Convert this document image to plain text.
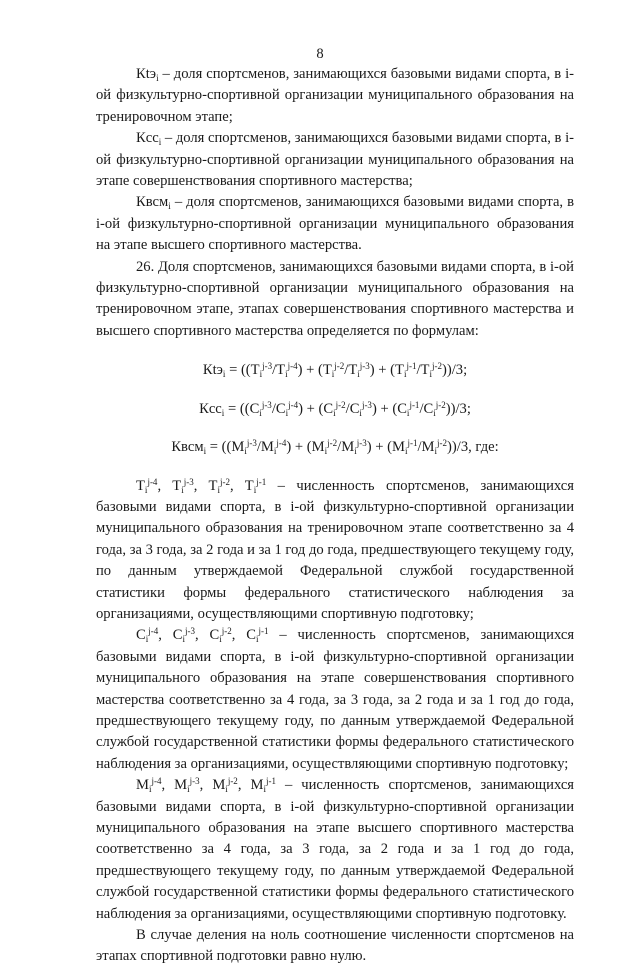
8

Кtэ$_i$ – доля спортсменов, занимающихся базовыми видами спорта, в i-ой физкультурно-спортивной организации муниципального образования на тренировочном этапе;

Кcc$_i$ – доля спортсменов, занимающихся базовыми видами спорта, в i-ой физкультурно-спортивной организации муниципального образования на этапе совершенствования спортивного мастерства;

Квсм$_i$ – доля спортсменов, занимающихся базовыми видами спорта, в i-ой физкультурно-спортивной организации муниципального образования на этапе высшего спортивного мастерства.

26. Доля спортсменов, занимающихся базовыми видами спорта, в i-ой физкультурно-спортивной организации муниципального образования на тренировочном этапе, этапах совершенствования спортивного мастерства и высшего спортивного мастерства определяется по формулам:

$Кtэ_i = ((T_i^{j-3}/T_i^{j-4}) + (T_i^{j-2}/T_i^{j-3}) + (T_i^{j-1}/T_i^{j-2}))/3$;
$Кcc_i = ((C_i^{j-3}/C_i^{j-4}) + (C_i^{j-2}/C_i^{j-3}) + (C_i^{j-1}/C_i^{j-2}))/3$;
Квсм$_i$ = $((M_i^{j-3}/M_i^{j-4}) + (M_i^{j-2}/M_i^{j-3}) + (M_i^{j-1}/M_i^{j-2}))/3$, где:

$T_i^{j-4}$, $T_i^{j-3}$, $T_i^{j-2}$, $T_i^{j-1}$ – численность спортсменов, занимающихся базовыми видами спорта, в i-ой физкультурно-спортивной организации муниципального образования на тренировочном этапе соответственно за 4 года, за 3 года, за 2 года и за 1 год до года, предшествующего текущему году, по данным утверждаемой Федеральной службой государственной статистики формы федерального статистического наблюдения за организациями, осуществляющими спортивную подготовку;

$C_i^{j-4}$, $C_i^{j-3}$, $C_i^{j-2}$, $C_i^{j-1}$ – численность спортсменов, занимающихся базовыми видами спорта, в i-ой физкультурно-спортивной организации муниципального образования на этапе совершенствования спортивного мастерства соответственно за 4 года, за 3 года, за 2 года и за 1 год до года, предшествующего текущему году, по данным утверждаемой Федеральной службой государственной статистики формы федерального статистического наблюдения за организациями, осуществляющими спортивную подготовку;

$M_i^{j-4}$, $M_i^{j-3}$, $M_i^{j-2}$, $M_i^{j-1}$ – численность спортсменов, занимающихся базовыми видами спорта, в i-ой физкультурно-спортивной организации муниципального образования на этапе высшего спортивного мастерства соответственно за 4 года, за 3 года, за 2 года и за 1 год до года, предшествующего текущему году, по данным утверждаемой Федеральной службой государственной статистики формы федерального статистического наблюдения за организациями, осуществляющими спортивную подготовку.

В случае деления на ноль соотношение численности спортсменов на этапах спортивной подготовки равно нулю.
